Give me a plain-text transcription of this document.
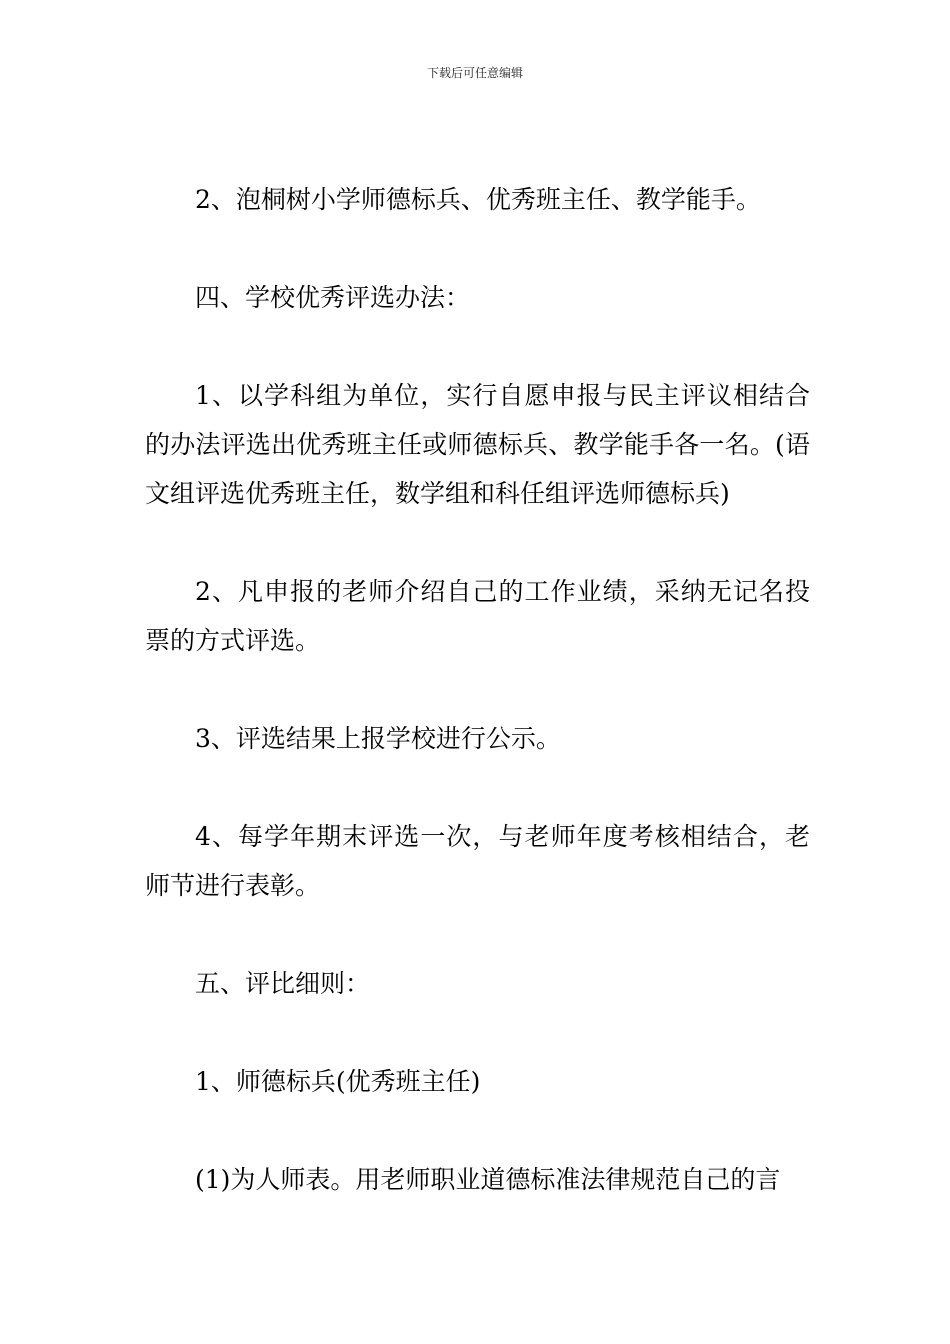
下载后可任意编辑

2、泡桐树小学师德标兵、优秀班主任、教学能手。

四、学校优秀评选办法：

1、以学科组为单位，实行自愿申报与民主评议相结合的办法评选出优秀班主任或师德标兵、教学能手各一名。(语文组评选优秀班主任，数学组和科任组评选师德标兵)

2、凡申报的老师介绍自己的工作业绩，采纳无记名投票的方式评选。

3、评选结果上报学校进行公示。

4、每学年期末评选一次，与老师年度考核相结合，老师节进行表彰。

五、评比细则：

1、师德标兵(优秀班主任)

(1)为人师表。用老师职业道德标准法律规范自己的言
